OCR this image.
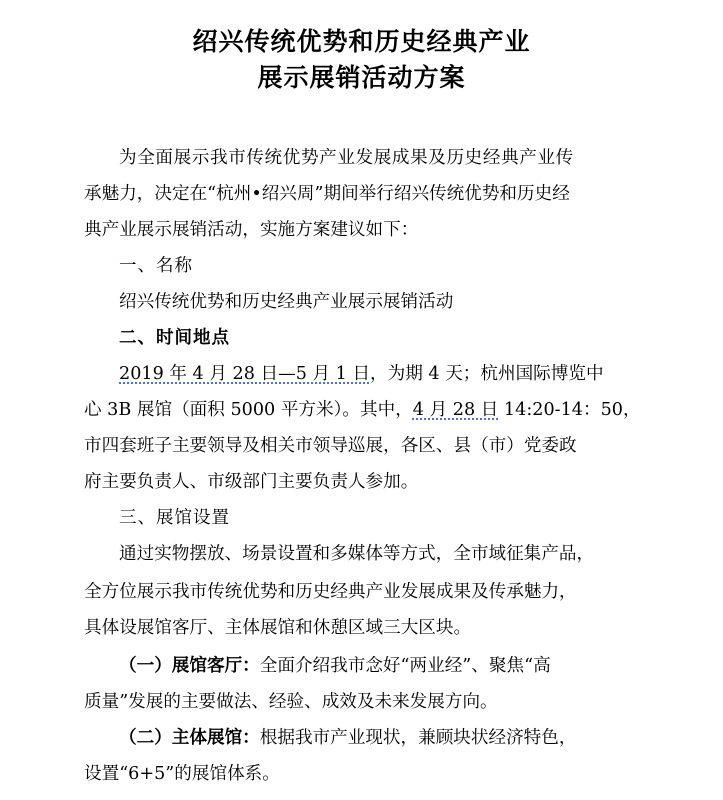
绍兴传统优势和历史经典产业
展示展销活动方案
为全面展示我市传统优势产业发展成果及历史经典产业传
承魅力，决定在“杭州•绍兴周”期间举行绍兴传统优势和历史经
典产业展示展销活动，实施方案建议如下：
一、名称
绍兴传统优势和历史经典产业展示展销活动
二、时间地点
2019 年 4 月 28 日—5 月 1 日，为期 4 天；杭州国际博览中
心 3B 展馆（面积 5000 平方米）。其中，4 月 28 日 14:20-14：50，
市四套班子主要领导及相关市领导巡展，各区、县（市）党委政
府主要负责人、市级部门主要负责人参加。
三、展馆设置
通过实物摆放、场景设置和多媒体等方式，全市域征集产品，
全方位展示我市传统优势和历史经典产业发展成果及传承魅力，
具体设展馆客厅、主体展馆和休憩区域三大区块。
（一）展馆客厅：全面介绍我市念好“两业经”、聚焦“高
质量”发展的主要做法、经验、成效及未来发展方向。
（二）主体展馆：根据我市产业现状，兼顾块状经济特色，
设置“6+5”的展馆体系。
